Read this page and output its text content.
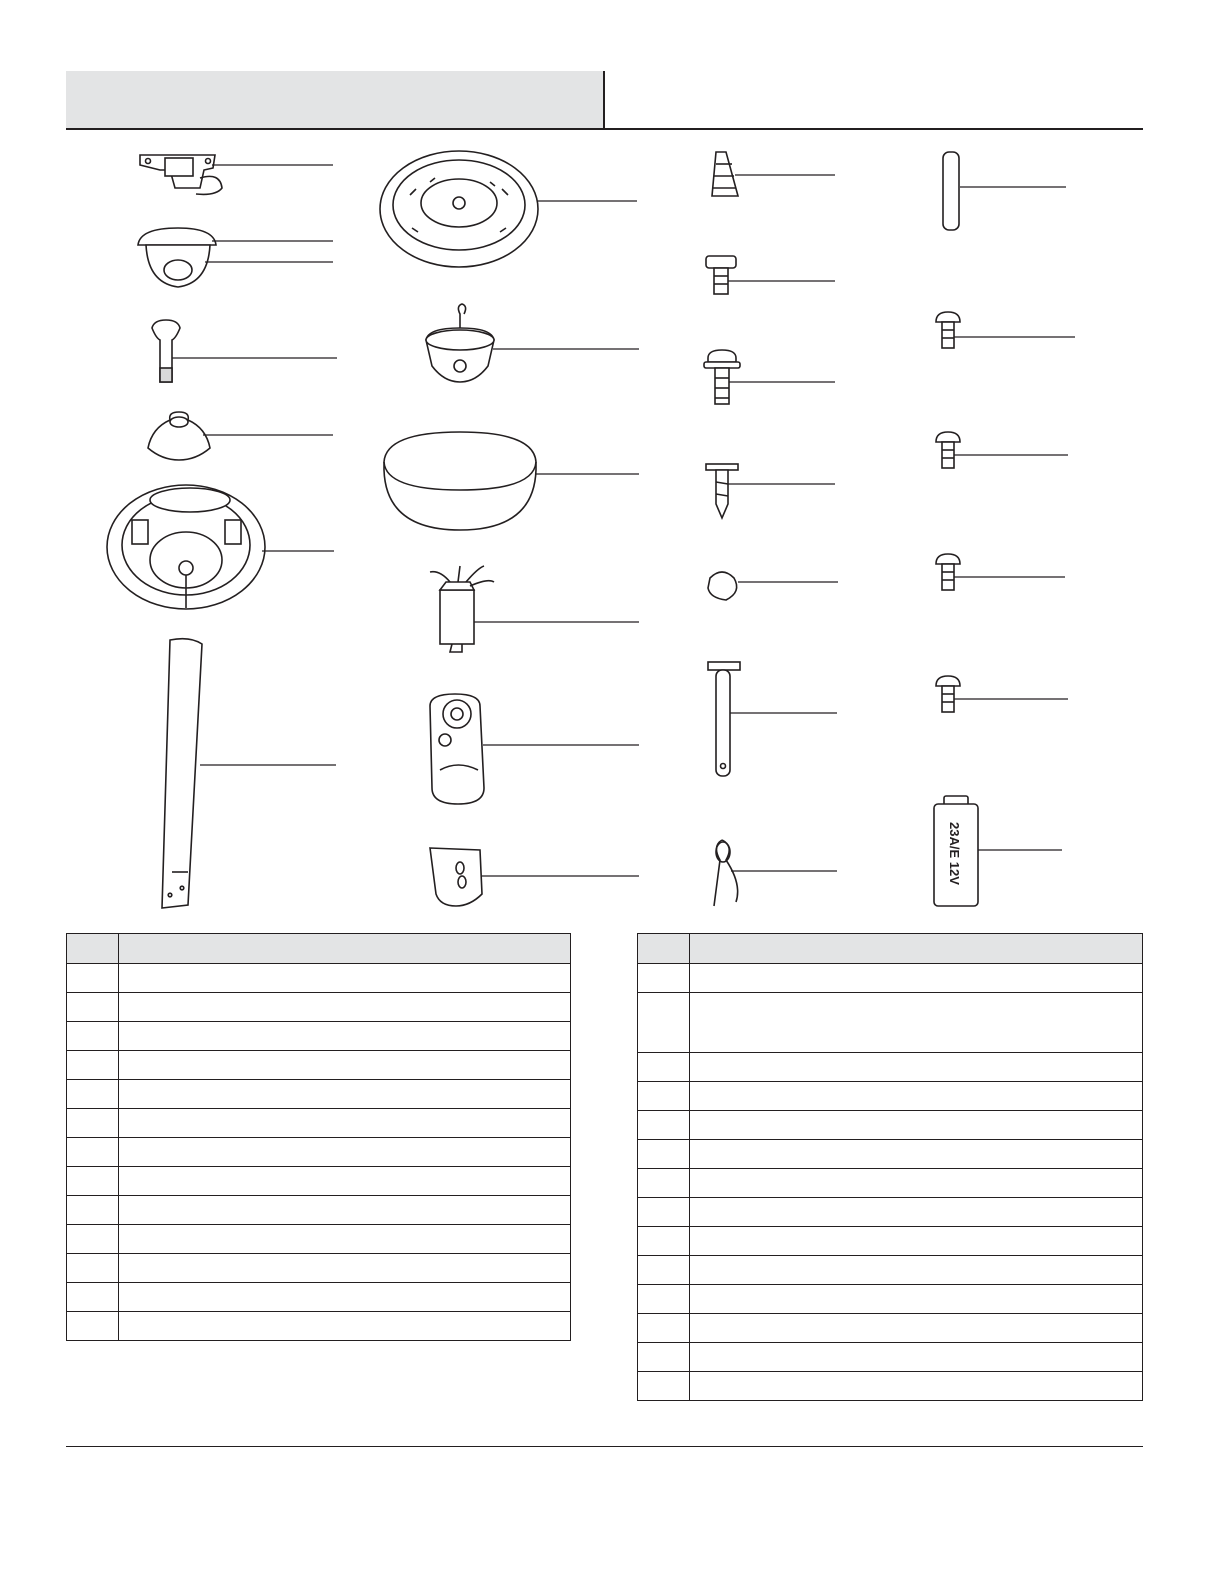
23A/E 12V
